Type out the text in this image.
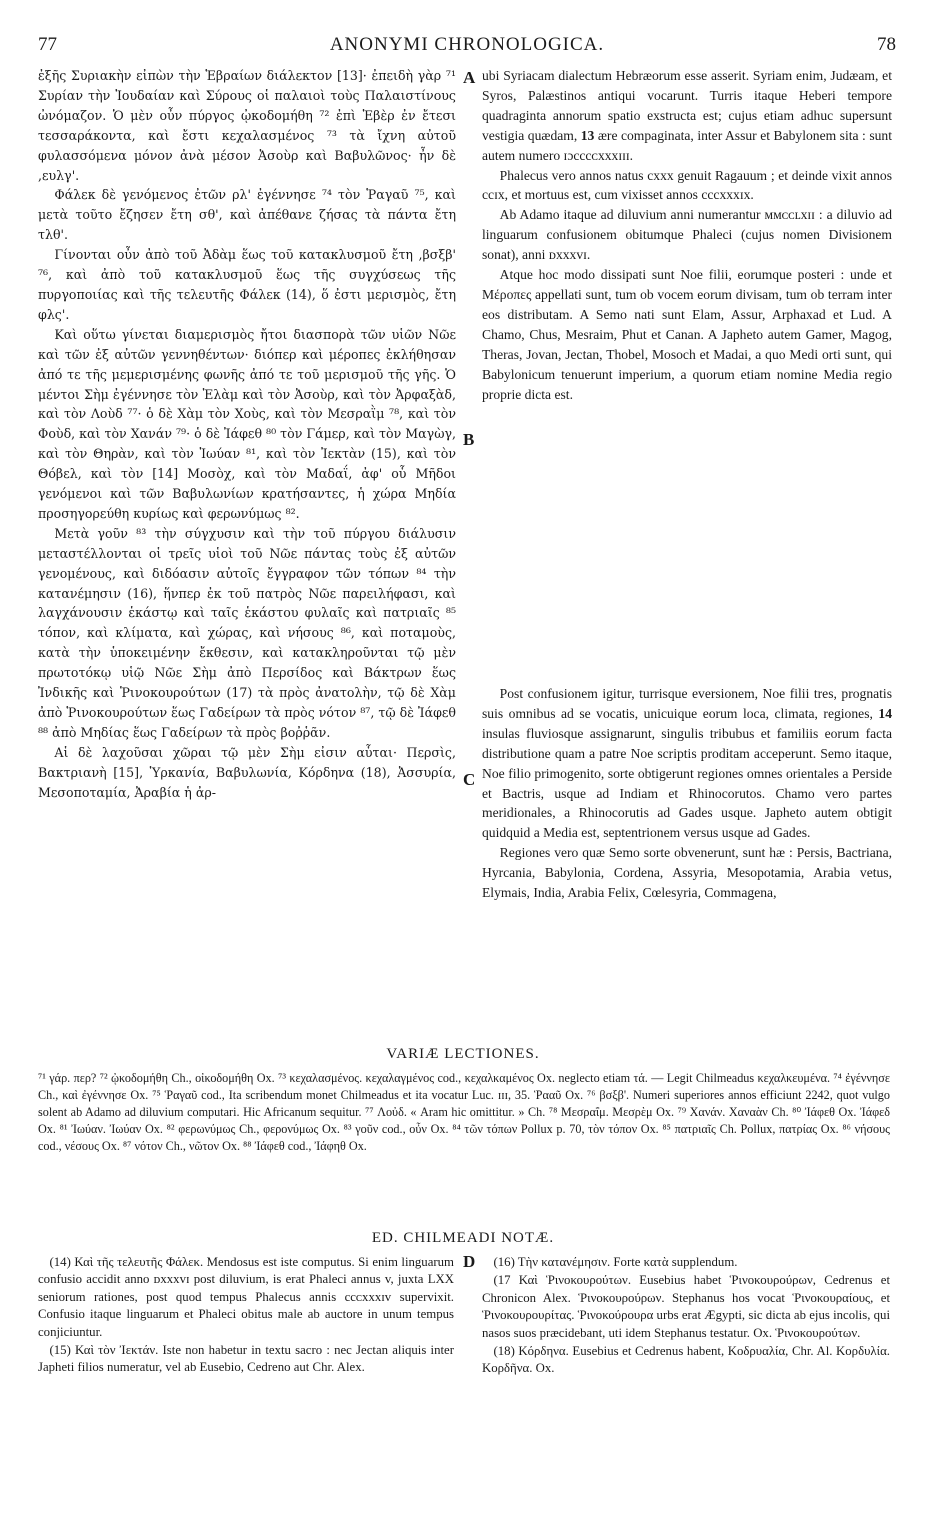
77	ANONYMI CHRONOLOGICA.	78
A
B
C
D

ἐξῆς Συριακὴν εἰπὼν τὴν Ἑβραίων διάλεκτον [13]· ἐπειδὴ γὰρ ⁷¹ Συρίαν τὴν Ἰουδαίαν καὶ Σύρους οἱ παλαιοὶ τοὺς Παλαιστίνους ὠνόμαζον. Ὁ μὲν οὖν πύργος ᾠκοδομήθη ⁷² ἐπὶ Ἑβὲρ ἐν ἔτεσι τεσσαράκοντα, καὶ ἔστι κεχαλασμένος ⁷³ τὰ ἴχνη αὐτοῦ φυλασσόμενα μόνον ἀνὰ μέσον Ἀσοὺρ καὶ Βαβυλῶνος· ἦν δὲ ,ευλγ'.

Φάλεκ δὲ γενόμενος ἐτῶν ρλ' ἐγέννησε ⁷⁴ τὸν Ῥαγαῦ ⁷⁵, καὶ μετὰ τοῦτο ἔζησεν ἔτη σθ', καὶ ἀπέθανε ζήσας τὰ πάντα ἔτη τλθ'.

Γίνονται οὖν ἀπὸ τοῦ Ἀδὰμ ἕως τοῦ κατακλυσμοῦ ἔτη ,βσξβ' ⁷⁶, καὶ ἀπὸ τοῦ κατακλυσμοῦ ἕως τῆς συγχύσεως τῆς πυργοποιίας καὶ τῆς τελευτῆς Φάλεκ (14), ὅ ἐστι μερισμὸς, ἔτη φλς'.

Καὶ οὕτω γίνεται διαμερισμὸς ἤτοι διασπορὰ τῶν υἱῶν Νῶε καὶ τῶν ἐξ αὐτῶν γεννηθέντων· διόπερ καὶ μέροπες ἐκλήθησαν ἀπό τε τῆς μεμερισμένης φωνῆς ἀπό τε τοῦ μερισμοῦ τῆς γῆς. Ὁ μέντοι Σὴμ ἐγέννησε τὸν Ἐλὰμ καὶ τὸν Ἀσοὺρ, καὶ τὸν Ἀρφαξὰδ, καὶ τὸν Λοὺδ ⁷⁷· ὁ δὲ Χὰμ τὸν Χοὺς, καὶ τὸν Μεσραῒμ ⁷⁸, καὶ τὸν Φοὺδ, καὶ τὸν Χανάν ⁷⁹· ὁ δὲ Ἰάφεθ ⁸⁰ τὸν Γάμερ, καὶ τὸν Μαγὼγ, καὶ τὸν Θηρὰν, καὶ τὸν Ἰωύαν ⁸¹, καὶ τὸν Ἰεκτὰν (15), καὶ τὸν Θόβελ, καὶ τὸν [14] Μοσὸχ, καὶ τὸν Μαδαΐ, ἀφ' οὗ Μῆδοι γενόμενοι καὶ τῶν Βαβυλωνίων κρατήσαντες, ἡ χώρα Μηδία προσηγορεύθη κυρίως καὶ φερωνύμως ⁸².

Μετὰ γοῦν ⁸³ τὴν σύγχυσιν καὶ τὴν τοῦ πύργου διάλυσιν μεταστέλλονται οἱ τρεῖς υἱοὶ τοῦ Νῶε πάντας τοὺς ἐξ αὐτῶν γενομένους, καὶ διδόασιν αὐτοῖς ἔγγραφον τῶν τόπων ⁸⁴ τὴν κατανέμησιν (16), ἥνπερ ἐκ τοῦ πατρὸς Νῶε παρειλήφασι, καὶ λαγχάνουσιν ἑκάστῳ καὶ ταῖς ἑκάστου φυλαῖς καὶ πατριαῖς ⁸⁵ τόπον, καὶ κλίματα, καὶ χώρας, καὶ νήσους ⁸⁶, καὶ ποταμοὺς, κατὰ τὴν ὑποκειμένην ἔκθεσιν, καὶ κατακληροῦνται τῷ μὲν πρωτοτόκῳ υἱῷ Νῶε Σὴμ ἀπὸ Περσίδος καὶ Βάκτρων ἕως Ἰνδικῆς καὶ Ῥινοκουρούτων (17) τὰ πρὸς ἀνατολὴν, τῷ δὲ Χὰμ ἀπὸ Ῥινοκουρούτων ἕως Γαδείρων τὰ πρὸς νότον ⁸⁷, τῷ δὲ Ἰάφεθ ⁸⁸ ἀπὸ Μηδίας ἕως Γαδείρων τὰ πρὸς βοῤῥᾶν.

Αἱ δὲ λαχοῦσαι χῶραι τῷ μὲν Σὴμ εἰσιν αὗται· Περσὶς, Βακτριανὴ [15], Ὑρκανία, Βαβυλωνία, Κόρδηνα (18), Ἀσσυρία, Μεσοποταμία, Ἀραβία ἡ ἀρ-

ubi Syriacam dialectum Hebræorum esse asserit. Syriam enim, Judæam, et Syros, Palæstinos antiqui vocarunt. Turris itaque Heberi tempore quadraginta annorum spatio exstructa est; cujus etiam adhuc supersunt vestigia quædam, 13 ære compaginata, inter Assur et Babylonem sita : sunt autem numero ɪɔcccᴄxxxɪɪɪ.

Phalecus vero annos natus cxxx genuit Ragauum ; et deinde vixit annos ccɪx, et mortuus est, cum vixisset annos cccxxxɪx.

Ab Adamo itaque ad diluvium anni numerantur ᴍᴍᴄᴄʟxɪɪ : a diluvio ad linguarum confusionem obitumque Phaleci (cujus nomen Divisionem sonat), anni ᴅxxxvɪ.

Atque hoc modo dissipati sunt Noe filii, eorumque posteri : unde et Μέροπες appellati sunt, tum ob vocem eorum divisam, tum ob terram inter eos distributam. A Semo nati sunt Elam, Assur, Arphaxad et Lud. A Chamo, Chus, Mesraim, Phut et Canan. A Japheto autem Gamer, Magog, Theras, Jovan, Jectan, Thobel, Mosoch et Madai, a quo Medi orti sunt, qui Babylonicum tenuerunt imperium, a quorum etiam nomine Media regio proprie dicta est.

Post confusionem igitur, turrisque eversionem, Noe filii tres, prognatis suis omnibus ad se vocatis, unicuique eorum loca, climata, regiones, 14 insulas fluviosque assignarunt, singulis tribubus et familiis eorum facta distributione quam a patre Noe scriptis proditam acceperunt. Semo itaque, Noe filio primogenito, sorte obtigerunt regiones omnes orientales a Perside et Bactris, usque ad Indiam et Rhinocorutos. Chamo vero partes meridionales, a Rhinocorutis ad Gades usque. Japheto autem obtigit quidquid a Media est, septentrionem versus usque ad Gades.

Regiones vero quæ Semo sorte obvenerunt, sunt hæ : Persis, Bactriana, Hyrcania, Babylonia, Cordena, Assyria, Mesopotamia, Arabia vetus, Elymais, India, Arabia Felix, Cœlesyria, Commagena,

VARIÆ LECTIONES.
⁷¹ γάρ. περ? ⁷² ᾠκοδομήθη Ch., οἰκοδομήθη Ox. ⁷³ κεχαλασμένος. κεχαλαγμένος cod., κεχαλκαμένος Ox. neglecto etiam τά. — Legit Chilmeadus κεχαλκευμένα. ⁷⁴ ἐγέννησε Ch., καὶ ἐγέννησε Ox. ⁷⁵ Ῥαγαῦ cod., Ita scribendum monet Chilmeadus et ita vocatur Luc. ɪɪɪ, 35. Ῥααῦ Ox. ⁷⁶ βσξβ'. Numeri superiores annos efficiunt 2242, quot vulgo solent ab Adamo ad diluvium computari. Hic Africanum sequitur. ⁷⁷ Λοὐδ. « Aram hic omittitur. » Ch. ⁷⁸ Μεσραΐμ. Μεσρὲμ Ox. ⁷⁹ Χανάν. Χαναὰν Ch. ⁸⁰ Ἰάφεθ Ox. Ἰάφεδ Ox. ⁸¹ Ἰωύαν. Ἰωύαν Ox. ⁸² φερωνύμως Ch., φερονύμως Ox. ⁸³ γοῦν cod., οὖν Ox. ⁸⁴ τῶν τόπων Pollux p. 70, τὸν τόπον Ox. ⁸⁵ πατριαῖς Ch. Pollux, πατρίας Ox. ⁸⁶ νήσους cod., νέσους Ox. ⁸⁷ νότον Ch., νῶτον Ox. ⁸⁸ Ἰάφεθ cod., Ἰάφηθ Ox.
ED. CHILMEADI NOTÆ.

(14) Καὶ τῆς τελευτῆς Φάλεκ. Mendosus est iste computus. Si enim linguarum confusio accidit anno ᴅxxxvɪ post diluvium, is erat Phaleci annus v, juxta LXX seniorum rationes, post quod tempus Phalecus annis ccᴄxxxɪv supervixit. Confusio itaque linguarum et Phaleci obitus male ab auctore in unum tempus conjiciuntur.

(15) Καὶ τὸν Ἰεκτάν. Iste non habetur in textu sacro : nec Jectan aliquis inter Japheti filios numeratur, vel ab Eusebio, Cedreno aut Chr. Alex.

(16) Τὴν κατανέμησιν. Forte κατὰ supplendum.

(17 Καὶ Ῥινοκουρούτων. Eusebius habet Ῥινοκουρούρων, Cedrenus et Chronicon Alex. Ῥινοκουρούρων. Stephanus hos vocat Ῥινοκουραίους, et Ῥινοκουρουρίτας. Ῥινοκούρουρα urbs erat Ægypti, sic dicta ab ejus incolis, qui nasos suos præcidebant, uti idem Stephanus testatur. Ox. Ῥινοκουρούτων.

(18) Κόρδηνα. Eusebius et Cedrenus habent, Κοδρυαλία, Chr. Al. Κορδυλία. Κορδῆνα. Ox.
